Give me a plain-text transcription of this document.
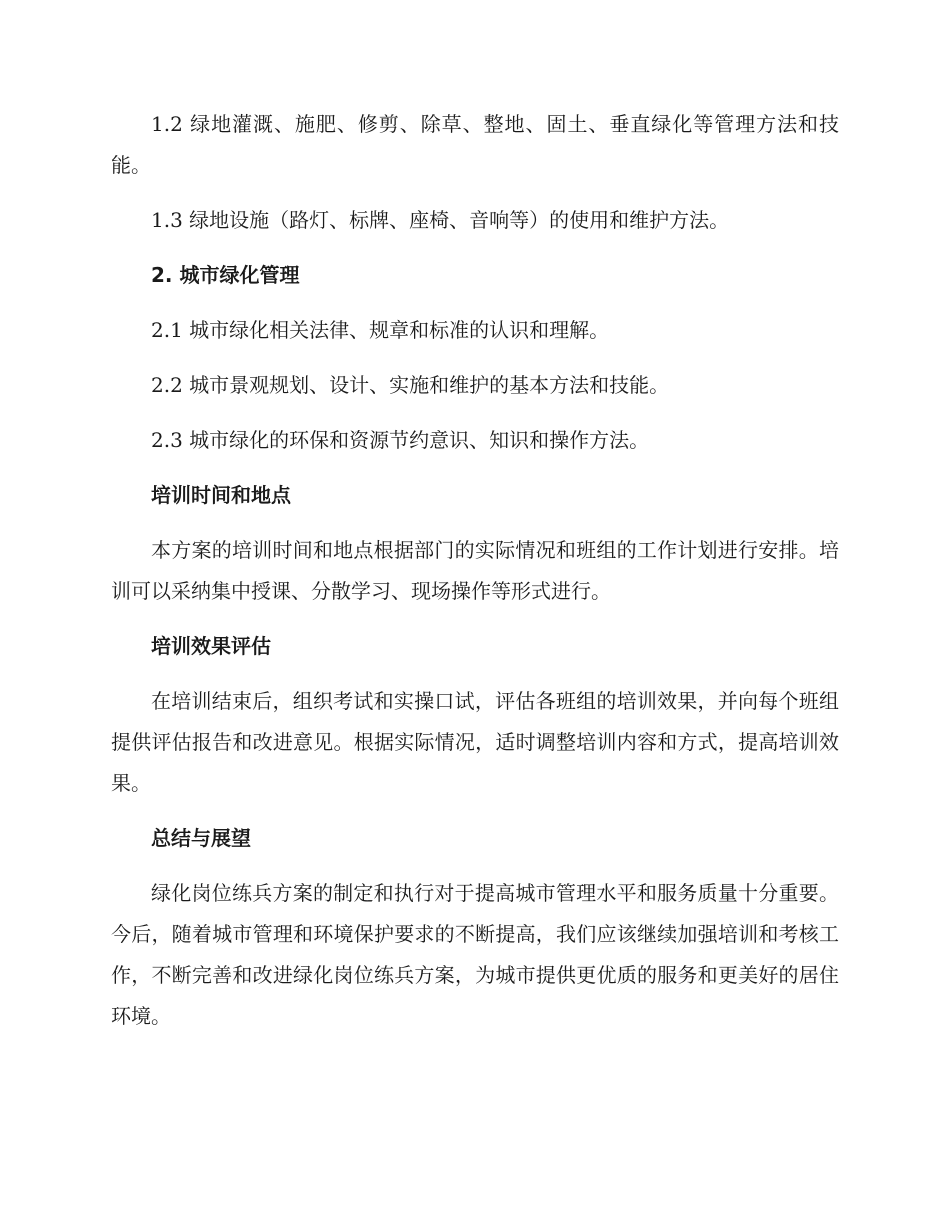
1.2 绿地灌溉、施肥、修剪、除草、整地、固土、垂直绿化等管理方法和技能。

1.3 绿地设施（路灯、标牌、座椅、音响等）的使用和维护方法。

2. 城市绿化管理

2.1 城市绿化相关法律、规章和标准的认识和理解。

2.2 城市景观规划、设计、实施和维护的基本方法和技能。

2.3 城市绿化的环保和资源节约意识、知识和操作方法。

培训时间和地点

本方案的培训时间和地点根据部门的实际情况和班组的工作计划进行安排。培训可以采纳集中授课、分散学习、现场操作等形式进行。

培训效果评估

在培训结束后，组织考试和实操口试，评估各班组的培训效果，并向每个班组提供评估报告和改进意见。根据实际情况，适时调整培训内容和方式，提高培训效果。

总结与展望

绿化岗位练兵方案的制定和执行对于提高城市管理水平和服务质量十分重要。今后，随着城市管理和环境保护要求的不断提高，我们应该继续加强培训和考核工作，不断完善和改进绿化岗位练兵方案，为城市提供更优质的服务和更美好的居住环境。
